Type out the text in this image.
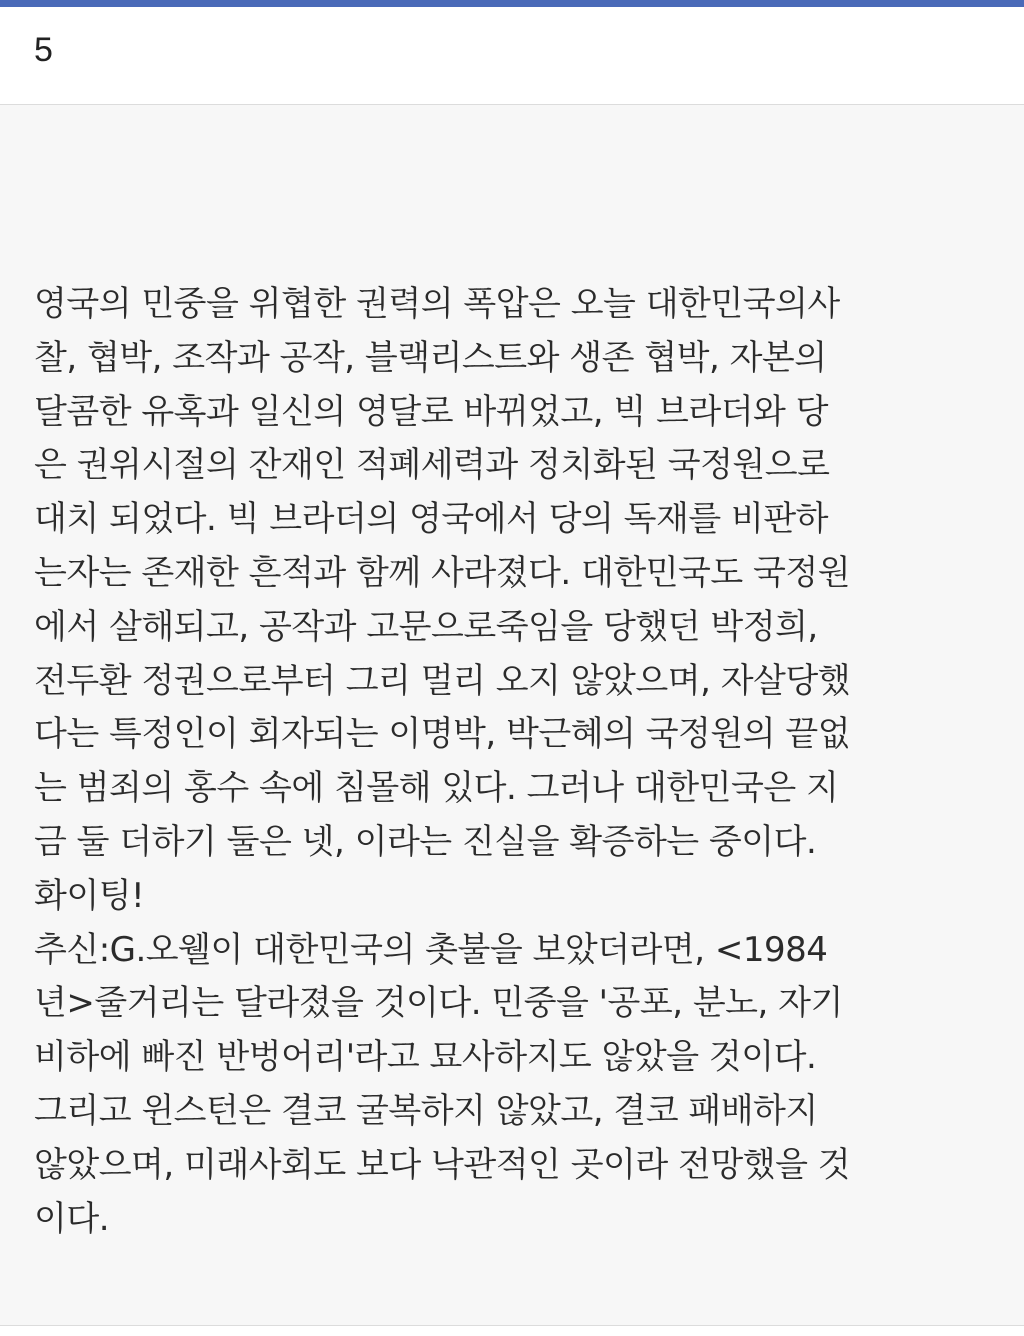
5
영국의 민중을 위협한 권력의 폭압은 오늘 대한민국의사
찰, 협박, 조작과 공작, 블랙리스트와 생존 협박, 자본의
달콤한 유혹과 일신의 영달로 바뀌었고, 빅 브라더와 당
은 권위시절의 잔재인 적폐세력과 정치화된 국정원으로
대치 되었다. 빅 브라더의 영국에서 당의 독재를 비판하
는자는 존재한 흔적과 함께 사라졌다. 대한민국도 국정원
에서 살해되고, 공작과 고문으로죽임을 당했던 박정희,
전두환 정권으로부터 그리 멀리 오지 않았으며, 자살당했
다는 특정인이 회자되는 이명박, 박근혜의 국정원의 끝없
는 범죄의 홍수 속에 침몰해 있다. 그러나 대한민국은 지
금 둘 더하기 둘은 넷, 이라는 진실을 확증하는 중이다.
화이팅!
추신:G.오웰이 대한민국의 촛불을 보았더라면, <1984
년>줄거리는 달라졌을 것이다. 민중을 '공포, 분노, 자기
비하에 빠진 반벙어리'라고 묘사하지도 않았을 것이다.
그리고 윈스턴은 결코 굴복하지 않았고, 결코 패배하지
않았으며, 미래사회도 보다 낙관적인 곳이라 전망했을 것
이다.
